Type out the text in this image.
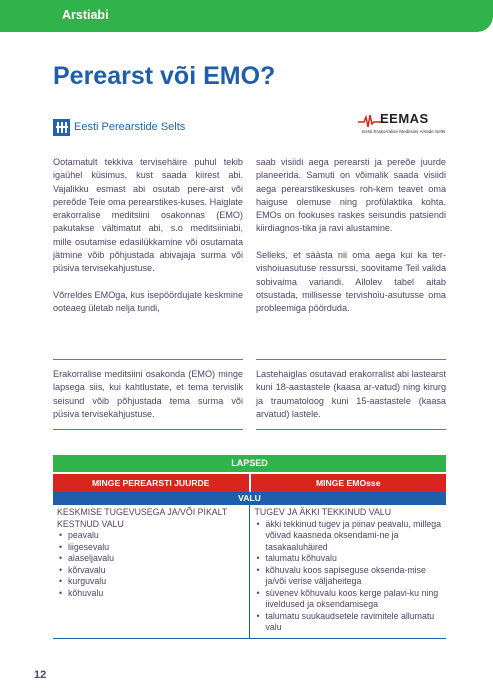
Arstiabi
Perearst või EMO?
Eesti Perearstide Selts
EEMAS
Eesti Erakorralise Meditsiini Arstide Selts

Ootamatult tekkiva tervisehäire puhul tekib igaühel küsimus, kust saada kiirest abi. Vajalikku esmast abi osutab pere-arst või pereõde Teie oma perearstikes-kuses. Haiglate erakorralise meditsiini osakonnas (EMO) pakutakse vältimatut abi, s.o meditsiiniabi, mille osutamise edasilükkamine või osutamata jätmine võib põhjustada abivajaja surma või püsiva tervisekahjustuse.

Võrreldes EMOga, kus isepöördujate keskmine ooteaeg ületab nelja tundi,

saab visiidi aega perearsti ja pereõe juurde planeerida. Samuti on võimalik saada visiidi aega perearstikeskuses roh-kem teavet oma haiguse olemuse ning profülaktika kohta. EMOs on fookuses raskes seisundis patsiendi kiirdiagnos-tika ja ravi alustamine.

Selleks, et säästa nii oma aega kui ka ter-vishoiuasutuse ressurssi, soovitame Teil valida sobivaima variandi. Allolev tabel aitab otsustada, millisesse tervishoiu-asutusse oma probleemiga pöörduda.

Erakorralise meditsiini osakonda (EMO) minge lapsega siis, kui kahtlustate, et tema tervislik seisund võib põhjustada tema surma või püsiva tervisekahjustuse.

Lastehaiglas osutavad erakorralist abi lastearst kuni 18-aastastele (kaasa ar-vatud) ning kirurg ja traumatoloog kuni 15-aastastele (kaasa arvatud) lastele.

LAPSED
MINGE PEREARSTI JUURDE	MINGE EMOsse
VALU
KESKMISE TUGEVUSEGA JA/VÕI PIKALT KESTNUD VALU
• peavalu
• liigesevalu
• alaseljavalu
• kõrvavalu
• kurguvalu
• kõhuvalu
TUGEV JA ÄKKI TEKKINUD VALU
• äkki tekkinud tugev ja piinav peavalu, millega võivad kaasneda oksendami-ne ja tasakaaluhäired
• talumatu kõhuvalu
• kõhuvalu koos sapiseguse oksenda-mise ja/või verise väljaheitega
• süvenev kõhuvalu koos kerge palavi-ku ning iiveldused ja oksendamisega
• talumatu suukaudsetele ravimitele allumatu valu
12
